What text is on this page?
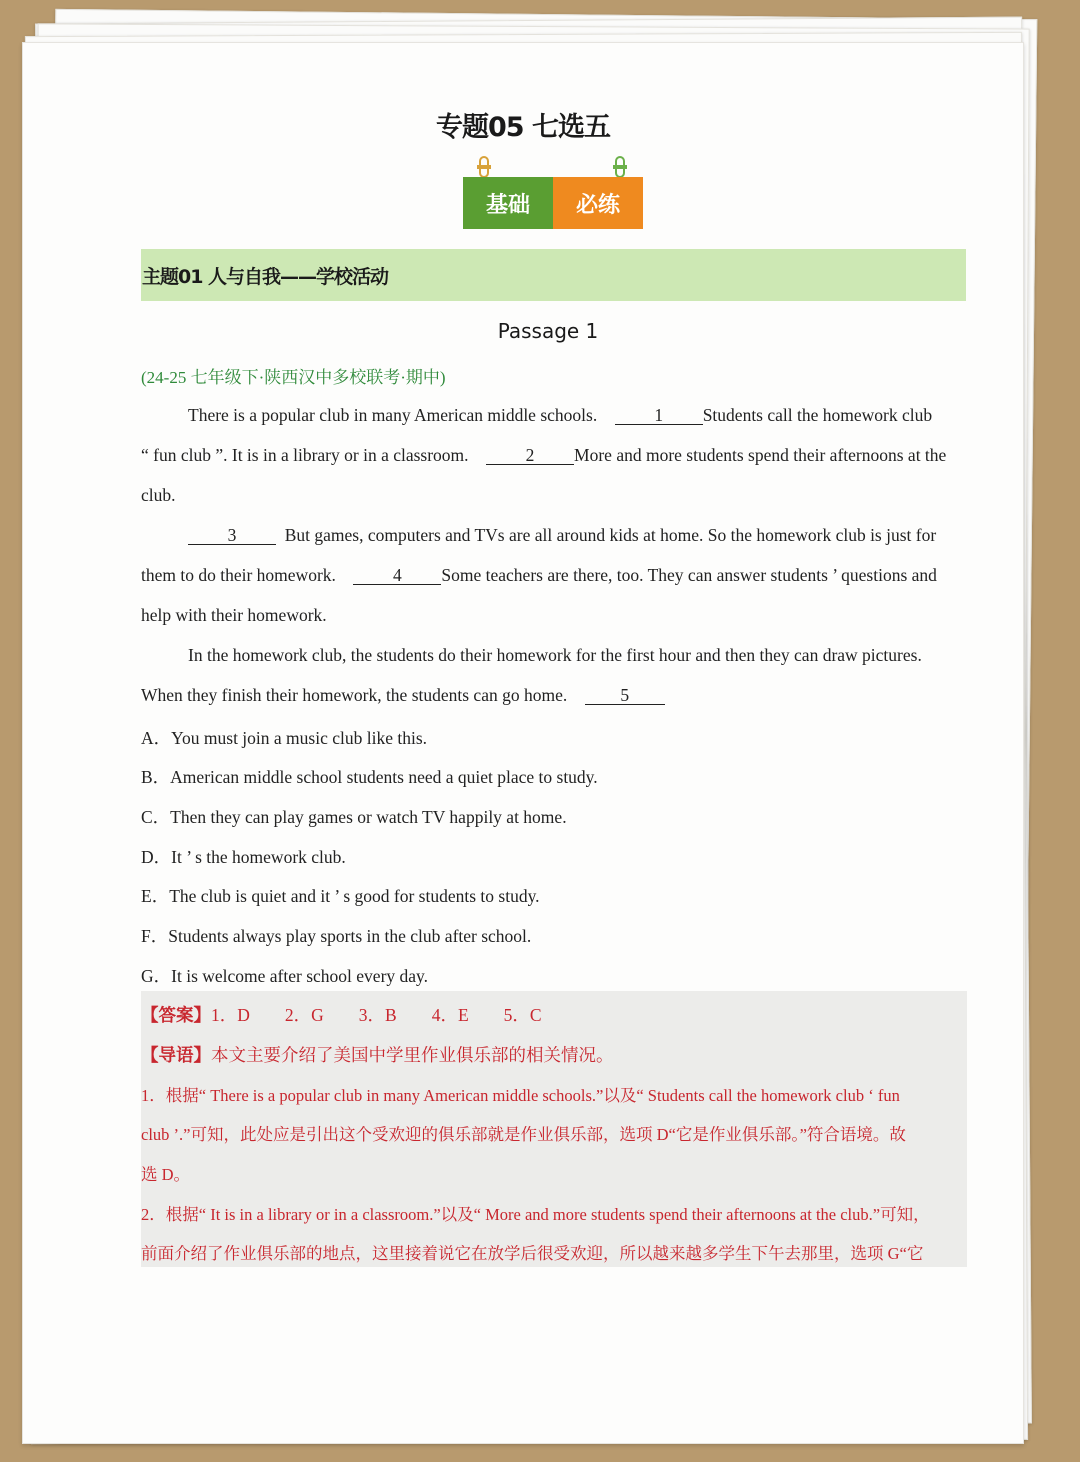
专题05 七选五
基础	必练
主题01 人与自我——学校活动
Passage 1
(24-25 七年级下·陕西汉中多校联考·期中)
There is a popular club in many American middle schools.	1 Students call the homework club
“ fun club ”. It is in a library or in a classroom.	2 More and more students spend their afternoons at the
club.
3	But games, computers and TVs are all around kids at home. So the homework club is just for
them to do their homework.	4 Some teachers are there, too. They can answer students ’ questions and
help with their homework.
In the homework club, the students do their homework for the first hour and then they can draw pictures.
When they finish their homework, the students can go home.	5
A．You must join a music club like this.
B．American middle school students need a quiet place to study.
C．Then they can play games or watch TV happily at home.
D．It ’ s the homework club.
E．The club is quiet and it ’ s good for students to study.
F．Students always play sports in the club after school.
G．It is welcome after school every day.
【答案】1．D　　2．G　　3．B　　4．E　　5．C
【导语】本文主要介绍了美国中学里作业俱乐部的相关情况。
1．根据“ There is a popular club in many American middle schools.”以及“ Students call the homework club ‘ fun
club ’.”可知，此处应是引出这个受欢迎的俱乐部就是作业俱乐部，选项 D“它是作业俱乐部。”符合语境。故
选 D。
2．根据“ It is in a library or in a classroom.”以及“ More and more students spend their afternoons at the club.”可知，
前面介绍了作业俱乐部的地点，这里接着说它在放学后很受欢迎，所以越来越多学生下午去那里，选项 G“它
